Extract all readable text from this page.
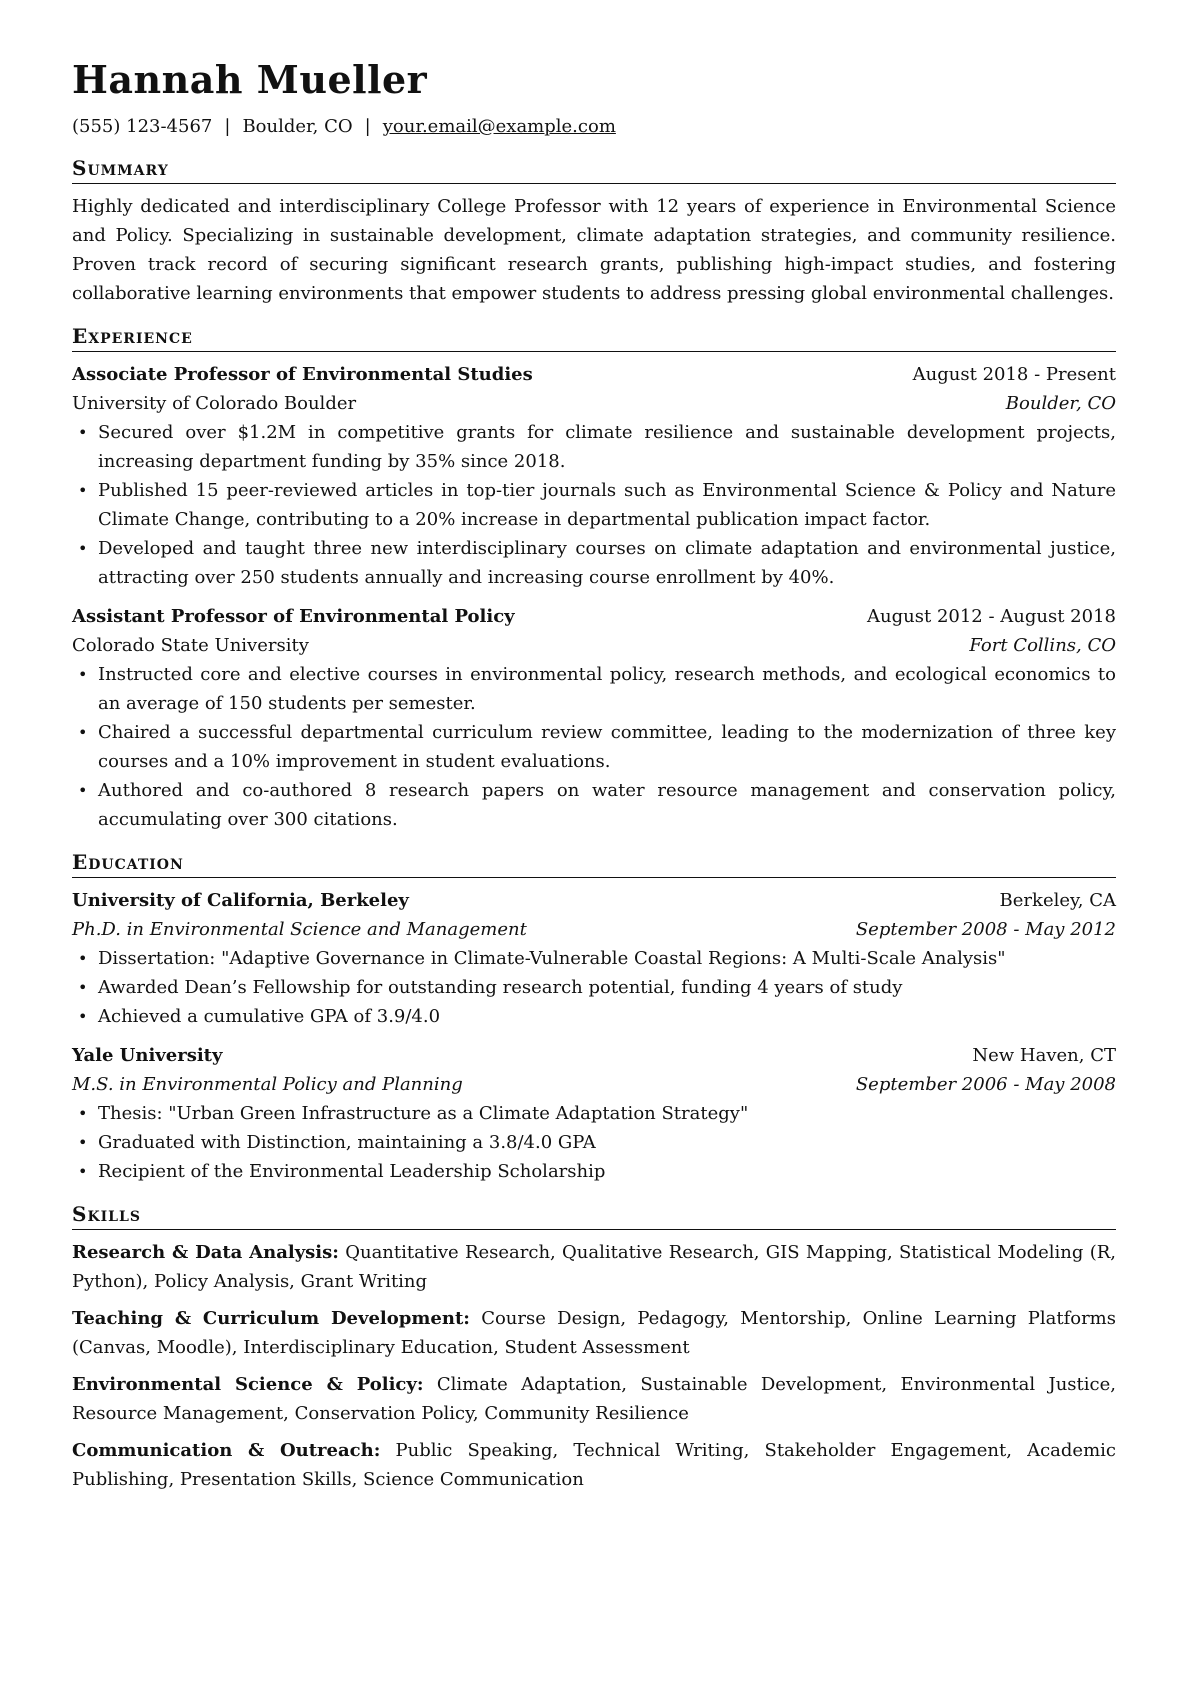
Hannah Mueller
(555) 123-4567 | Boulder, CO | your.email@example.com
Summary

Highly dedicated and interdisciplinary College Professor with 12 years of experience in Environmental Science and Policy. Specializing in sustainable development, climate adaptation strategies, and community resilience. Proven track record of securing significant research grants, publishing high-impact studies, and fostering collaborative learning environments that empower students to address pressing global environmental challenges.

Experience
Associate Professor of Environmental Studies	August 2018 - Present
University of Colorado Boulder	Boulder, CO
• Secured over $1.2M in competitive grants for climate resilience and sustainable development projects, increasing department funding by 35% since 2018.
• Published 15 peer-reviewed articles in top-tier journals such as Environmental Science & Policy and Nature Climate Change, contributing to a 20% increase in departmental publication impact factor.
• Developed and taught three new interdisciplinary courses on climate adaptation and environmental justice, attracting over 250 students annually and increasing course enrollment by 40%.
Assistant Professor of Environmental Policy	August 2012 - August 2018
Colorado State University	Fort Collins, CO
• Instructed core and elective courses in environmental policy, research methods, and ecological economics to an average of 150 students per semester.
• Chaired a successful departmental curriculum review committee, leading to the modernization of three key courses and a 10% improvement in student evaluations.
• Authored and co-authored 8 research papers on water resource management and conservation policy, accumulating over 300 citations.
Education
University of California, Berkeley	Berkeley, CA
Ph.D. in Environmental Science and Management	September 2008 - May 2012
• Dissertation: "Adaptive Governance in Climate-Vulnerable Coastal Regions: A Multi-Scale Analysis"
• Awarded Dean’s Fellowship for outstanding research potential, funding 4 years of study
• Achieved a cumulative GPA of 3.9/4.0
Yale University	New Haven, CT
M.S. in Environmental Policy and Planning	September 2006 - May 2008
• Thesis: "Urban Green Infrastructure as a Climate Adaptation Strategy"
• Graduated with Distinction, maintaining a 3.8/4.0 GPA
• Recipient of the Environmental Leadership Scholarship
Skills

Research & Data Analysis: Quantitative Research, Qualitative Research, GIS Mapping, Statistical Modeling (R, Python), Policy Analysis, Grant Writing

Teaching & Curriculum Development: Course Design, Pedagogy, Mentorship, Online Learning Platforms (Canvas, Moodle), Interdisciplinary Education, Student Assessment

Environmental Science & Policy: Climate Adaptation, Sustainable Development, Environmental Justice, Resource Management, Conservation Policy, Community Resilience

Communication & Outreach: Public Speaking, Technical Writing, Stakeholder Engagement, Academic Publishing, Presentation Skills, Science Communication
